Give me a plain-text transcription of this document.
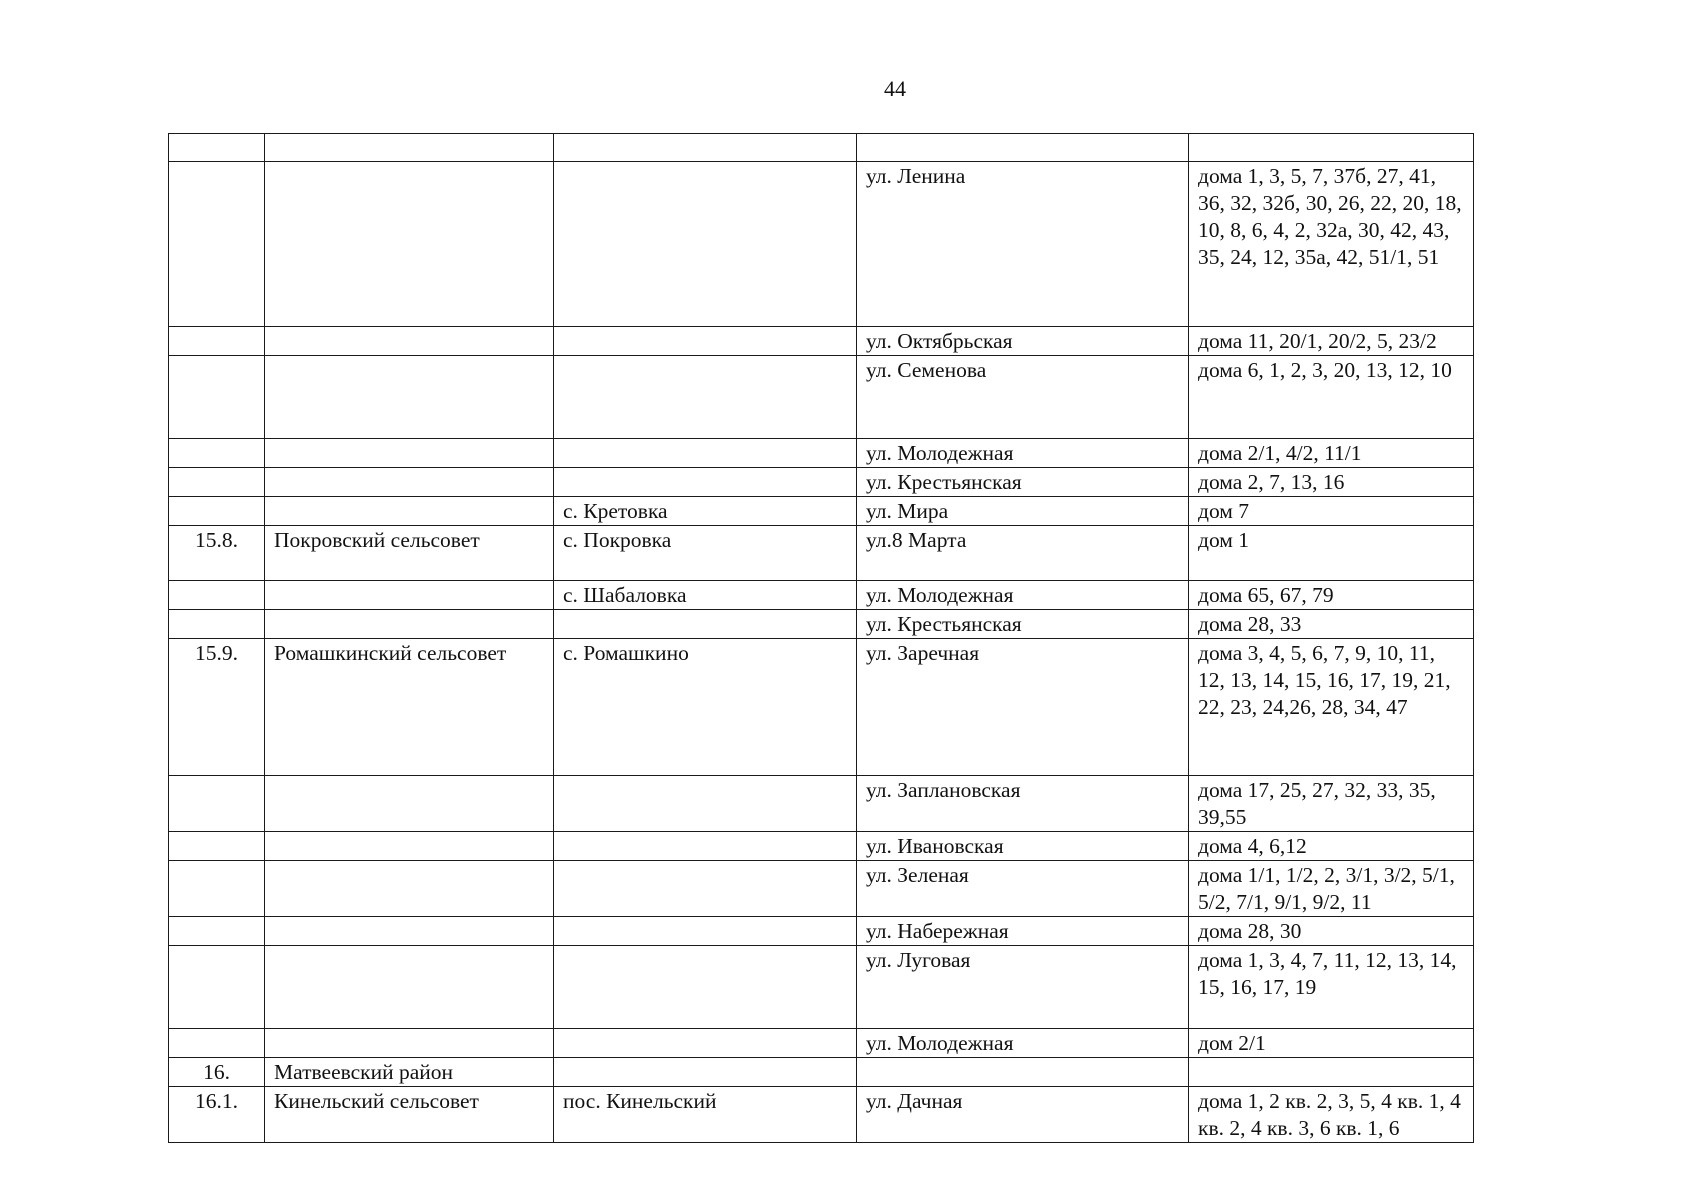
44

			ул. Ленина	дома 1, 3, 5, 7, 37б, 27, 41, 36, 32, 32б, 30, 26, 22, 20, 18, 10, 8, 6, 4, 2, 32а, 30, 42, 43, 35, 24, 12, 35а, 42, 51/1, 51
			ул. Октябрьская	дома 11, 20/1, 20/2, 5, 23/2
			ул. Семенова	дома 6, 1, 2, 3, 20, 13, 12, 10
			ул. Молодежная	дома 2/1, 4/2, 11/1
			ул. Крестьянская	дома 2, 7, 13, 16
		с. Кретовка	ул. Мира	дом 7
15.8.	Покровский сельсовет	с. Покровка	ул.8 Марта	дом 1
		с. Шабаловка	ул. Молодежная	дома 65, 67, 79
			ул. Крестьянская	дома 28, 33
15.9.	Ромашкинский сельсовет	с. Ромашкино	ул. Заречная	дома 3, 4, 5, 6, 7, 9, 10, 11, 12, 13, 14, 15, 16, 17, 19, 21, 22, 23, 24,26, 28, 34, 47
			ул. Заплановская	дома 17, 25, 27, 32, 33, 35, 39,55
			ул. Ивановская	дома 4, 6,12
			ул. Зеленая	дома 1/1, 1/2, 2, 3/1, 3/2, 5/1, 5/2, 7/1, 9/1, 9/2, 11
			ул. Набережная	дома 28, 30
			ул. Луговая	дома 1, 3, 4, 7, 11, 12, 13, 14, 15, 16, 17, 19
			ул. Молодежная	дом 2/1
16.	Матвеевский район			
16.1.	Кинельский сельсовет	пос. Кинельский	ул. Дачная	дома 1, 2 кв. 2, 3, 5, 4 кв. 1, 4 кв. 2, 4 кв. 3, 6 кв. 1, 6
